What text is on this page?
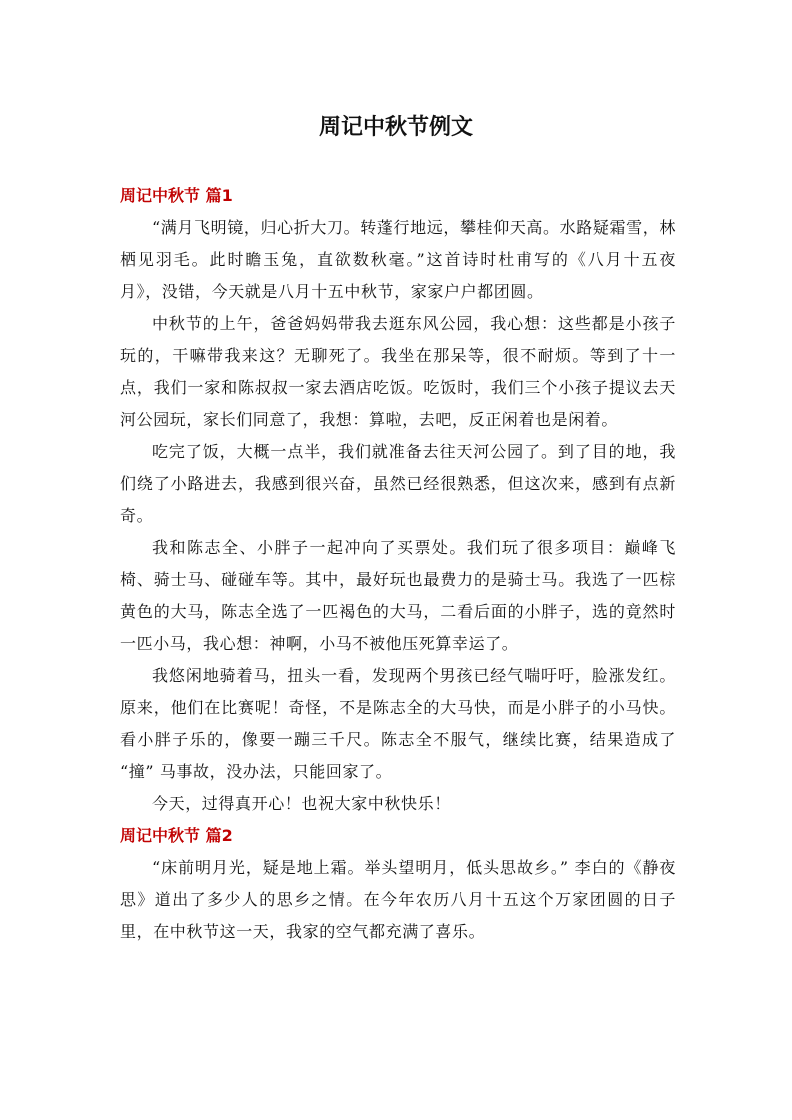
周记中秋节例文
周记中秋节 篇1

“满月飞明镜，归心折大刀。转蓬行地远，攀桂仰天高。水路疑霜雪，林栖见羽毛。此时瞻玉兔，直欲数秋毫。”这首诗时杜甫写的《八月十五夜月》，没错，今天就是八月十五中秋节，家家户户都团圆。

中秋节的上午，爸爸妈妈带我去逛东风公园，我心想：这些都是小孩子玩的，干嘛带我来这？无聊死了。我坐在那呆等，很不耐烦。等到了十一点，我们一家和陈叔叔一家去酒店吃饭。吃饭时，我们三个小孩子提议去天河公园玩，家长们同意了，我想：算啦，去吧，反正闲着也是闲着。

吃完了饭，大概一点半，我们就准备去往天河公园了。到了目的地，我们绕了小路进去，我感到很兴奋，虽然已经很熟悉，但这次来，感到有点新奇。

我和陈志全、小胖子一起冲向了买票处。我们玩了很多项目：巅峰飞椅、骑士马、碰碰车等。其中，最好玩也最费力的是骑士马。我选了一匹棕黄色的大马，陈志全选了一匹褐色的大马，二看后面的小胖子，选的竟然时一匹小马，我心想：神啊，小马不被他压死算幸运了。

我悠闲地骑着马，扭头一看，发现两个男孩已经气喘吁吁，脸涨发红。原来，他们在比赛呢！奇怪，不是陈志全的大马快，而是小胖子的小马快。看小胖子乐的，像要一蹦三千尺。陈志全不服气，继续比赛，结果造成了 “撞” 马事故，没办法，只能回家了。

今天，过得真开心！也祝大家中秋快乐！

周记中秋节 篇2

“床前明月光，疑是地上霜。举头望明月，低头思故乡。” 李白的《静夜思》道出了多少人的思乡之情。在今年农历八月十五这个万家团圆的日子里，在中秋节这一天，我家的空气都充满了喜乐。
